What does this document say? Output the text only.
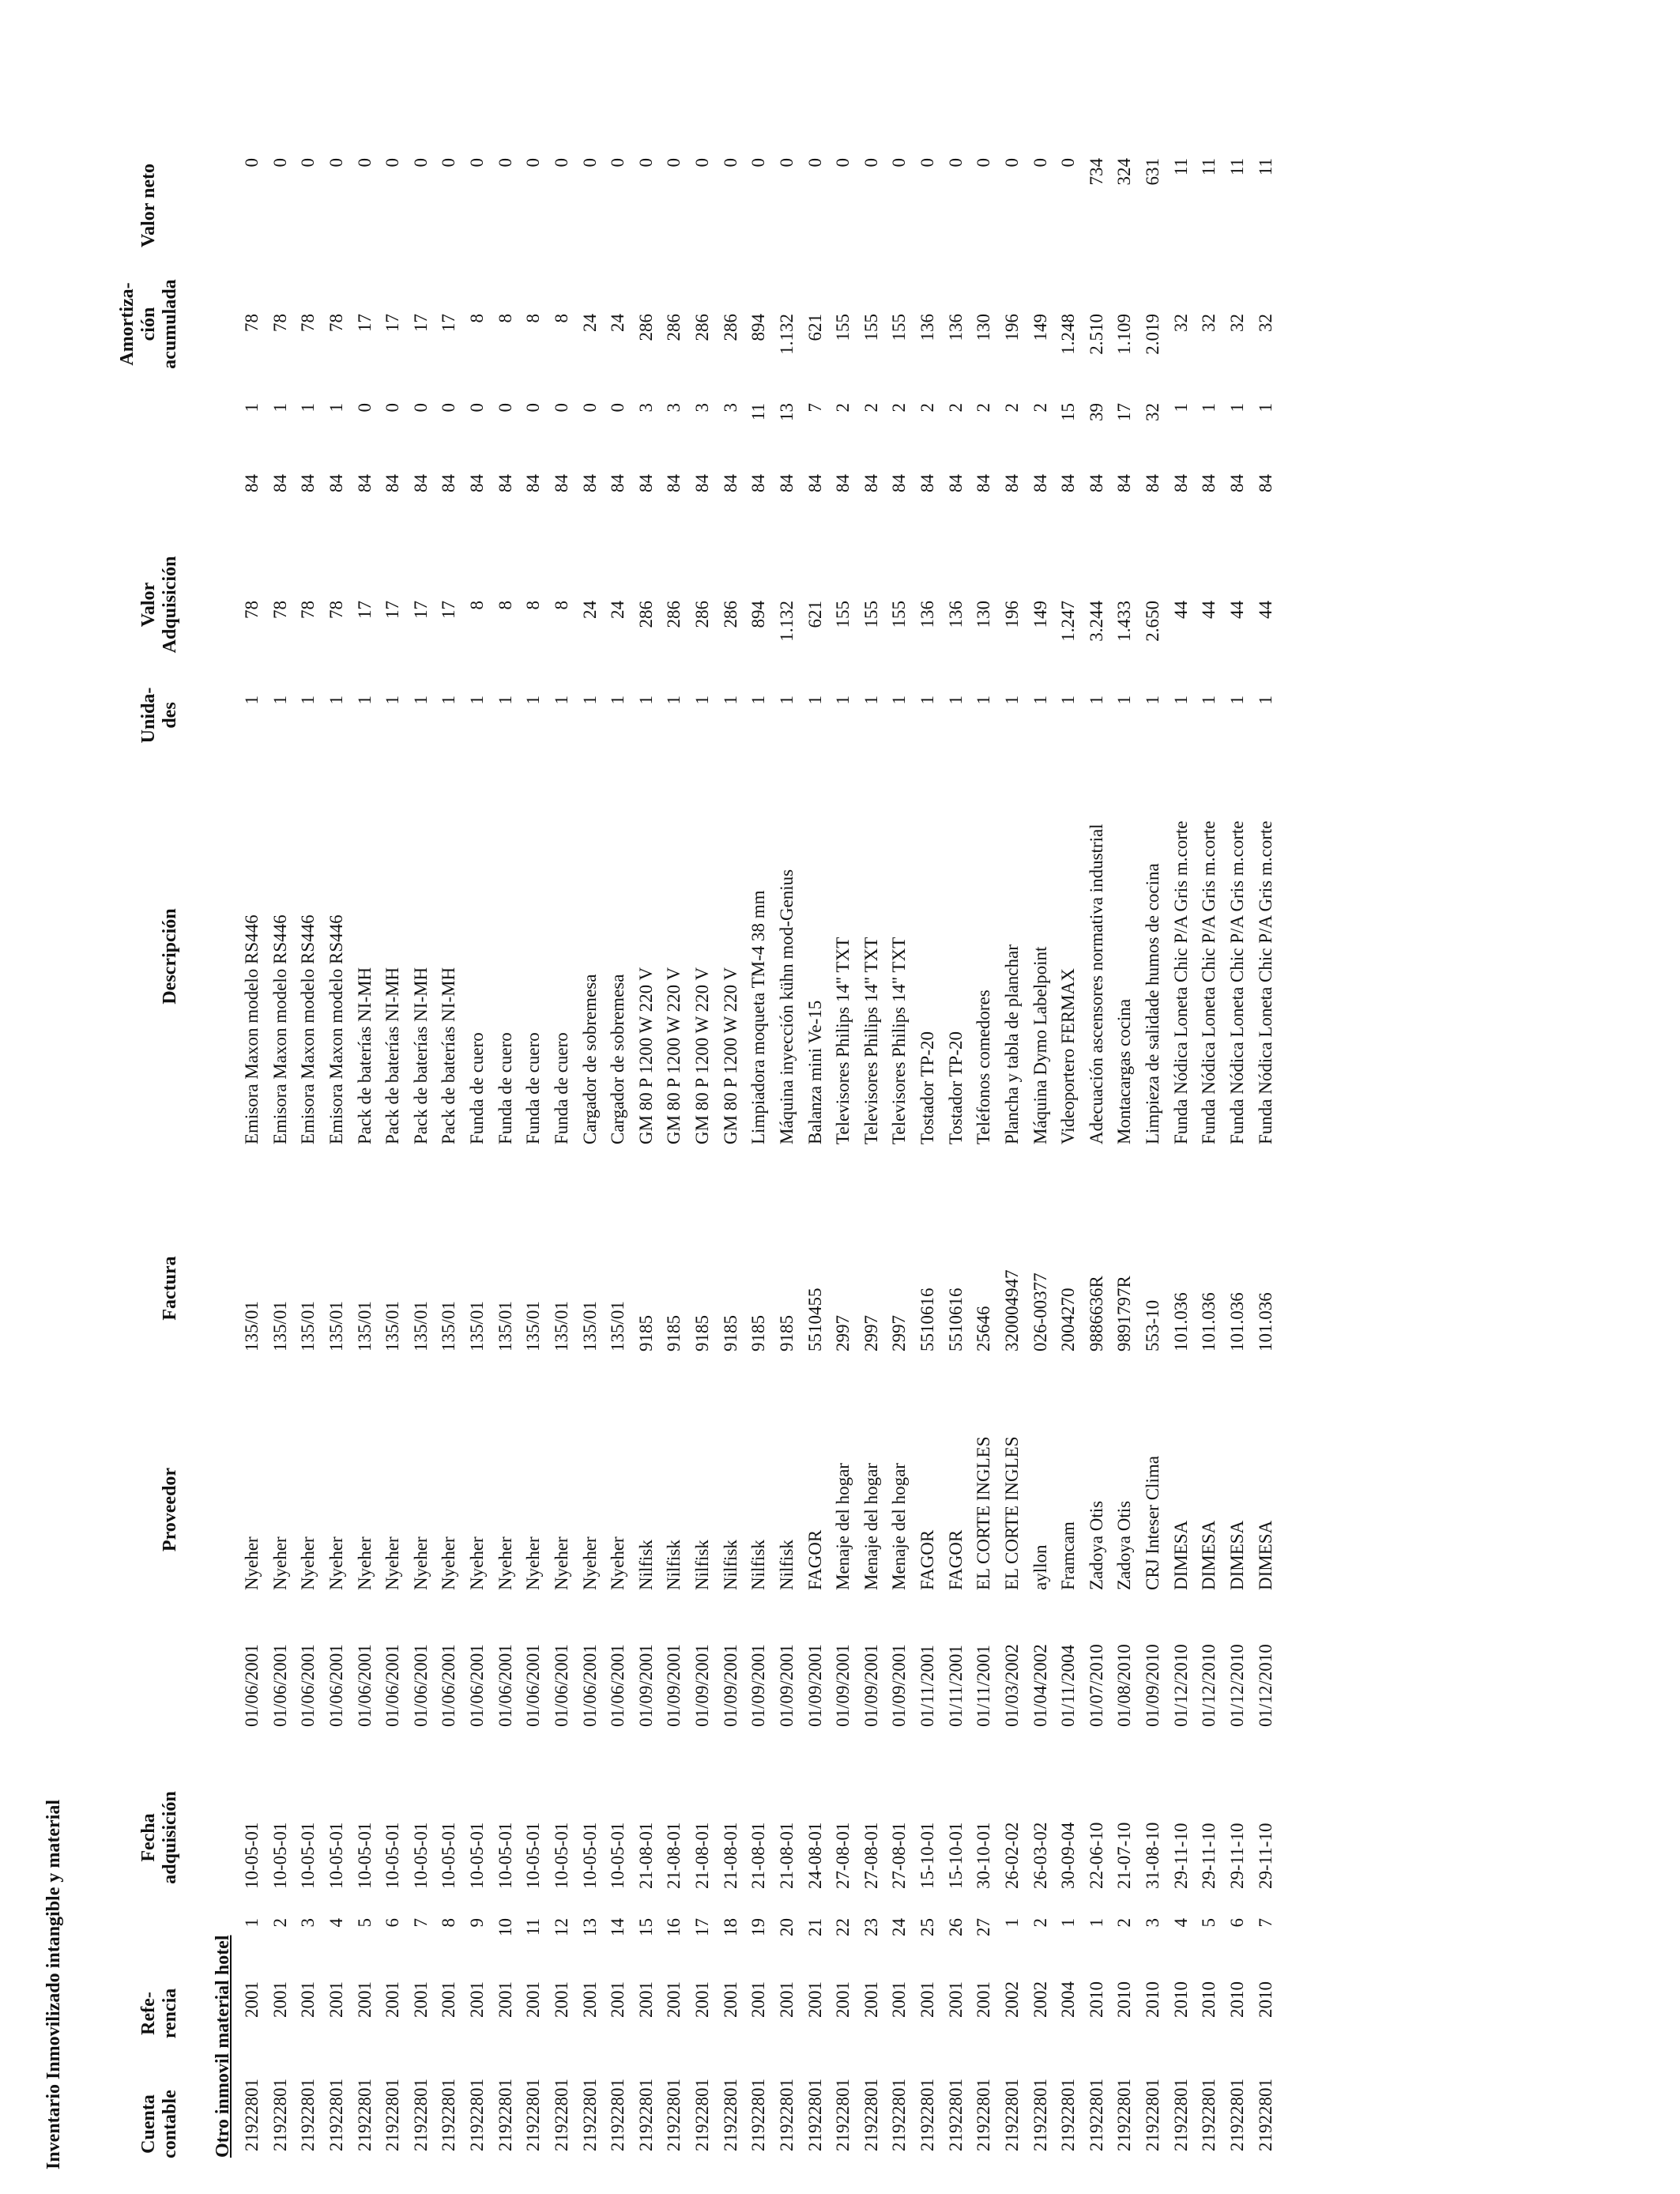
Inventario Inmovilizado intangible y material	Cuenta contable
Refe- rencia
Fecha adquisición
Proveedor
Factura
Descripción
Unida- des
Valor Adquisición
Amortiza- ción acumulada
Valor neto
Otro inmovil material hotel 21922801
2001
1
10-05-01
01/06/2001
Nyeher
135/01
Emisora Maxon modelo RS446
1
78
84
1
78
0
21922801
2001
2
10-05-01
01/06/2001
Nyeher
135/01
Emisora Maxon modelo RS446
1
78
84
1
78
0
21922801
2001
3
10-05-01
01/06/2001
Nyeher
135/01
Emisora Maxon modelo RS446
1
78
84
1
78
0
21922801
2001
4
10-05-01
01/06/2001
Nyeher
135/01
Emisora Maxon modelo RS446
1
78
84
1
78
0
21922801
2001
5
10-05-01
01/06/2001
Nyeher
135/01
Pack de baterías NI-MH
1
17
84
0
17
0
21922801
2001
6
10-05-01
01/06/2001
Nyeher
135/01
Pack de baterías NI-MH
1
17
84
0
17
0
21922801
2001
7
10-05-01
01/06/2001
Nyeher
135/01
Pack de baterías NI-MH
1
17
84
0
17
0
21922801
2001
8
10-05-01
01/06/2001
Nyeher
135/01
Pack de baterías NI-MH
1
17
84
0
17
0
21922801
2001
9
10-05-01
01/06/2001
Nyeher
135/01
Funda de cuero
1
8
84
0
8
0
21922801
2001
10
10-05-01
01/06/2001
Nyeher
135/01
Funda de cuero
1
8
84
0
8
0
21922801
2001
11
10-05-01
01/06/2001
Nyeher
135/01
Funda de cuero
1
8
84
0
8
0
21922801
2001
12
10-05-01
01/06/2001
Nyeher
135/01
Funda de cuero
1
8
84
0
8
0
21922801
2001
13
10-05-01
01/06/2001
Nyeher
135/01
Cargador de sobremesa
1
24
84
0
24
0
21922801
2001
14
10-05-01
01/06/2001
Nyeher
135/01
Cargador de sobremesa
1
24
84
0
24
0
21922801
2001
15
21-08-01
01/09/2001
Nilfisk
9185
GM 80 P 1200 W 220 V
1
286
84
3
286
0
21922801
2001
16
21-08-01
01/09/2001
Nilfisk
9185
GM 80 P 1200 W 220 V
1
286
84
3
286
0
21922801
2001
17
21-08-01
01/09/2001
Nilfisk
9185
GM 80 P 1200 W 220 V
1
286
84
3
286
0
21922801
2001
18
21-08-01
01/09/2001
Nilfisk
9185
GM 80 P 1200 W 220 V
1
286
84
3
286
0
21922801
2001
19
21-08-01
01/09/2001
Nilfisk
9185
Limpiadora moqueta TM-4 38 mm
1
894
84
11
894
0
21922801
2001
20
21-08-01
01/09/2001
Nilfisk
9185
Máquina inyección kühn mod-Genius
1
1.132
84
13
1.132
0
21922801
2001
21
24-08-01
01/09/2001
FAGOR
5510455
Balanza mini Ve-15
1
621
84
7
621
0
21922801
2001
22
27-08-01
01/09/2001
Menaje del hogar
2997
Televisores Philips 14" TXT
1
155
84
2
155
0
21922801
2001
23
27-08-01
01/09/2001
Menaje del hogar
2997
Televisores Philips 14" TXT
1
155
84
2
155
0
21922801
2001
24
27-08-01
01/09/2001
Menaje del hogar
2997
Televisores Philips 14" TXT
1
155
84
2
155
0
21922801
2001
25
15-10-01
01/11/2001
FAGOR
5510616
Tostador TP-20
1
136
84
2
136
0
21922801
2001
26
15-10-01
01/11/2001
FAGOR
5510616
Tostador TP-20
1
136
84
2
136
0
21922801
2001
27
30-10-01
01/11/2001
EL CORTE INGLES
25646
Teléfonos comedores
1
130
84
2
130
0
21922801
2002
1
26-02-02
01/03/2002
EL CORTE INGLES
320004947
Plancha y tabla de planchar
1
196
84
2
196
0
21922801
2002
2
26-03-02
01/04/2002
ayllon
026-00377
Máquina Dymo Labelpoint
1
149
84
2
149
0
21922801
2004
1
30-09-04
01/11/2004
Framcam
2004270
Videoportero FERMAX
1
1.247
84
15
1.248
0
21922801
2010
1
22-06-10
01/07/2010
Zadoya Otis
9886636R
Adecuación ascensores normativa industrial
1
3.244
84
39
2.510
734
21922801
2010
2
21-07-10
01/08/2010
Zadoya Otis
9891797R
Montacargas cocina
1
1.433
84
17
1.109
324
21922801
2010
3
31-08-10
01/09/2010
CRJ Inteser Clima
553-10
Limpieza de salidade humos de cocina
1
2.650
84
32
2.019
631
21922801
2010
4
29-11-10
01/12/2010
DIMESA
101.036
Funda Nódica Loneta Chic P/A Gris m.corte
1
44
84
1
32
11
21922801
2010
5
29-11-10
01/12/2010
DIMESA
101.036
Funda Nódica Loneta Chic P/A Gris m.corte
1
44
84
1
32
11
21922801
2010
6
29-11-10
01/12/2010
DIMESA
101.036
Funda Nódica Loneta Chic P/A Gris m.corte
1
44
84
1
32
11
21922801
2010
7
29-11-10
01/12/2010
DIMESA
101.036
Funda Nódica Loneta Chic P/A Gris m.corte
1
44
84
1
32
11
